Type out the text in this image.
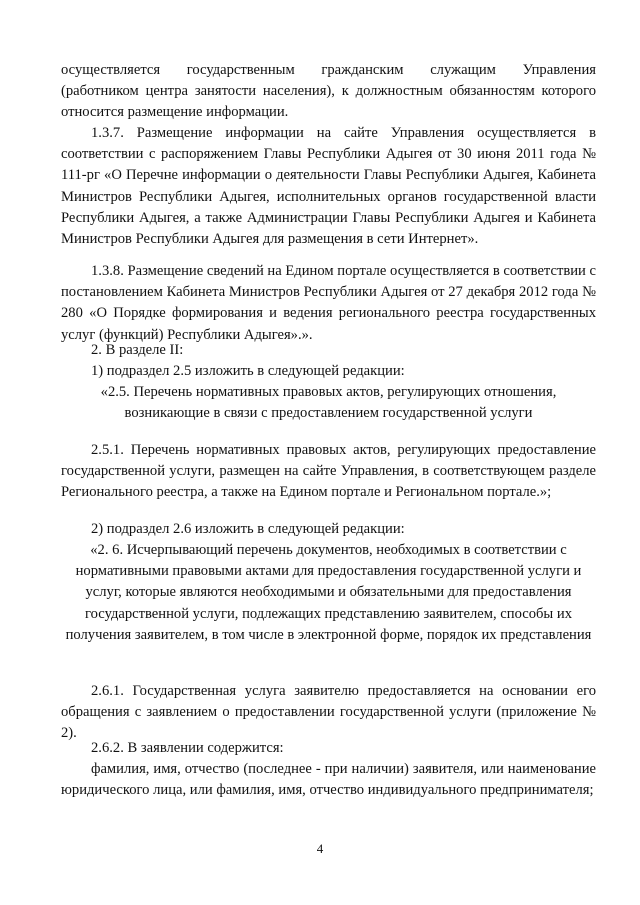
осуществляется государственным гражданским служащим Управления

(работником центра занятости населения), к должностным обязанностям которого относится размещение информации.

1.3.7. Размещение информации на сайте Управления осуществляется в соответствии с распоряжением Главы Республики Адыгея от 30 июня 2011 года № 111-рг «О Перечне информации о деятельности Главы Республики Адыгея, Кабинета Министров Республики Адыгея, исполнительных органов государственной власти Республики Адыгея, а также Администрации Главы Республики Адыгея и Кабинета Министров Республики Адыгея для размещения в сети Интернет».

1.3.8. Размещение сведений на Едином портале осуществляется в соответствии с постановлением Кабинета Министров Республики Адыгея от 27 декабря 2012 года № 280 «О Порядке формирования и ведения регионального реестра государственных услуг (функций) Республики Адыгея».».

2. В разделе II:

1) подраздел 2.5 изложить в следующей редакции:

«2.5. Перечень нормативных правовых актов, регулирующих отношения, возникающие в связи с предоставлением государственной услуги

2.5.1. Перечень нормативных правовых актов, регулирующих предоставление государственной услуги, размещен на сайте Управления, в соответствующем разделе Регионального реестра, а также на Едином портале и Региональном портале.»;

2) подраздел 2.6 изложить в следующей редакции:

«2. 6. Исчерпывающий перечень документов, необходимых в соответствии с нормативными правовыми актами для предоставления государственной услуги и услуг, которые являются необходимыми и обязательными для предоставления государственной услуги, подлежащих представлению заявителем, способы их получения заявителем, в том числе в электронной форме, порядок их представления

2.6.1. Государственная услуга заявителю предоставляется на основании его обращения с заявлением о предоставлении государственной услуги (приложение № 2).

2.6.2. В заявлении содержится:

фамилия, имя, отчество (последнее - при наличии) заявителя, или наименование юридического лица, или фамилия, имя, отчество индивидуального предпринимателя;

4
